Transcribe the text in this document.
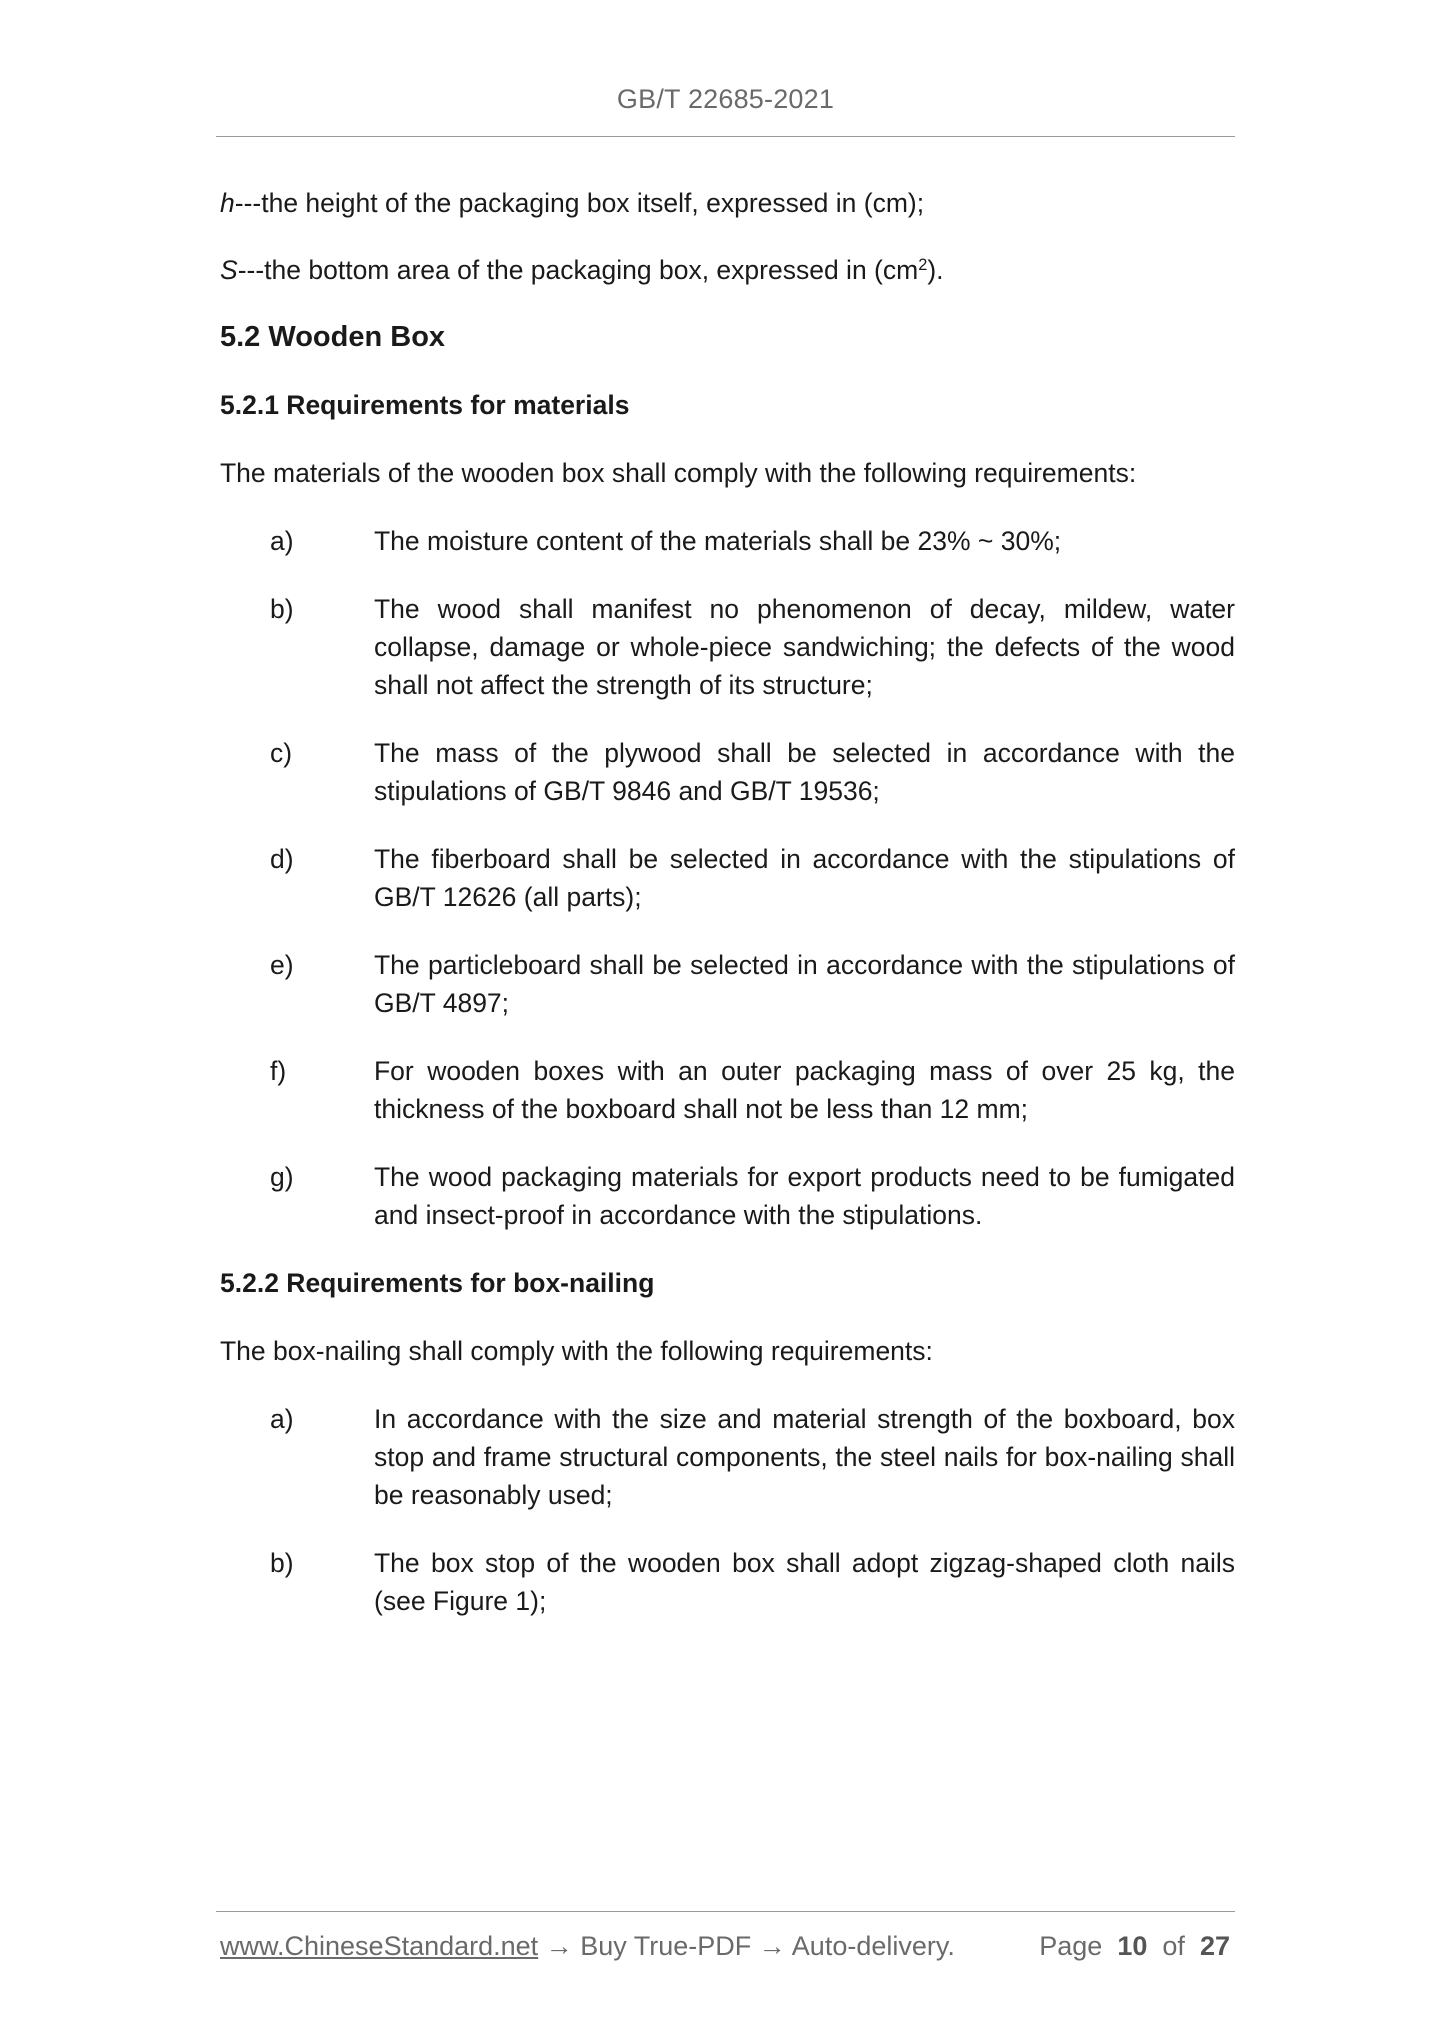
GB/T 22685-2021

h---the height of the packaging box itself, expressed in (cm);

S---the bottom area of the packaging box, expressed in $(cm^2)$.

5.2 Wooden Box

5.2.1 Requirements for materials

The materials of the wooden box shall comply with the following requirements:

a)	The moisture content of the materials shall be 23% ~ 30%;
b)	The wood shall manifest no phenomenon of decay, mildew, water collapse, damage or whole-piece sandwiching; the defects of the wood shall not affect the strength of its structure;
c)	The mass of the plywood shall be selected in accordance with the stipulations of GB/T 9846 and GB/T 19536;
d)	The fiberboard shall be selected in accordance with the stipulations of GB/T 12626 (all parts);
e)	The particleboard shall be selected in accordance with the stipulations of GB/T 4897;
f)	For wooden boxes with an outer packaging mass of over 25 kg, the thickness of the boxboard shall not be less than 12 mm;
g)	The wood packaging materials for export products need to be fumigated and insect-proof in accordance with the stipulations.

5.2.2 Requirements for box-nailing

The box-nailing shall comply with the following requirements:

a)	In accordance with the size and material strength of the boxboard, box stop and frame structural components, the steel nails for box-nailing shall be reasonably used;
b)	The box stop of the wooden box shall adopt zigzag-shaped cloth nails (see Figure 1);
www.ChineseStandard.net → Buy True-PDF → Auto-delivery.	Page 10 of 27
